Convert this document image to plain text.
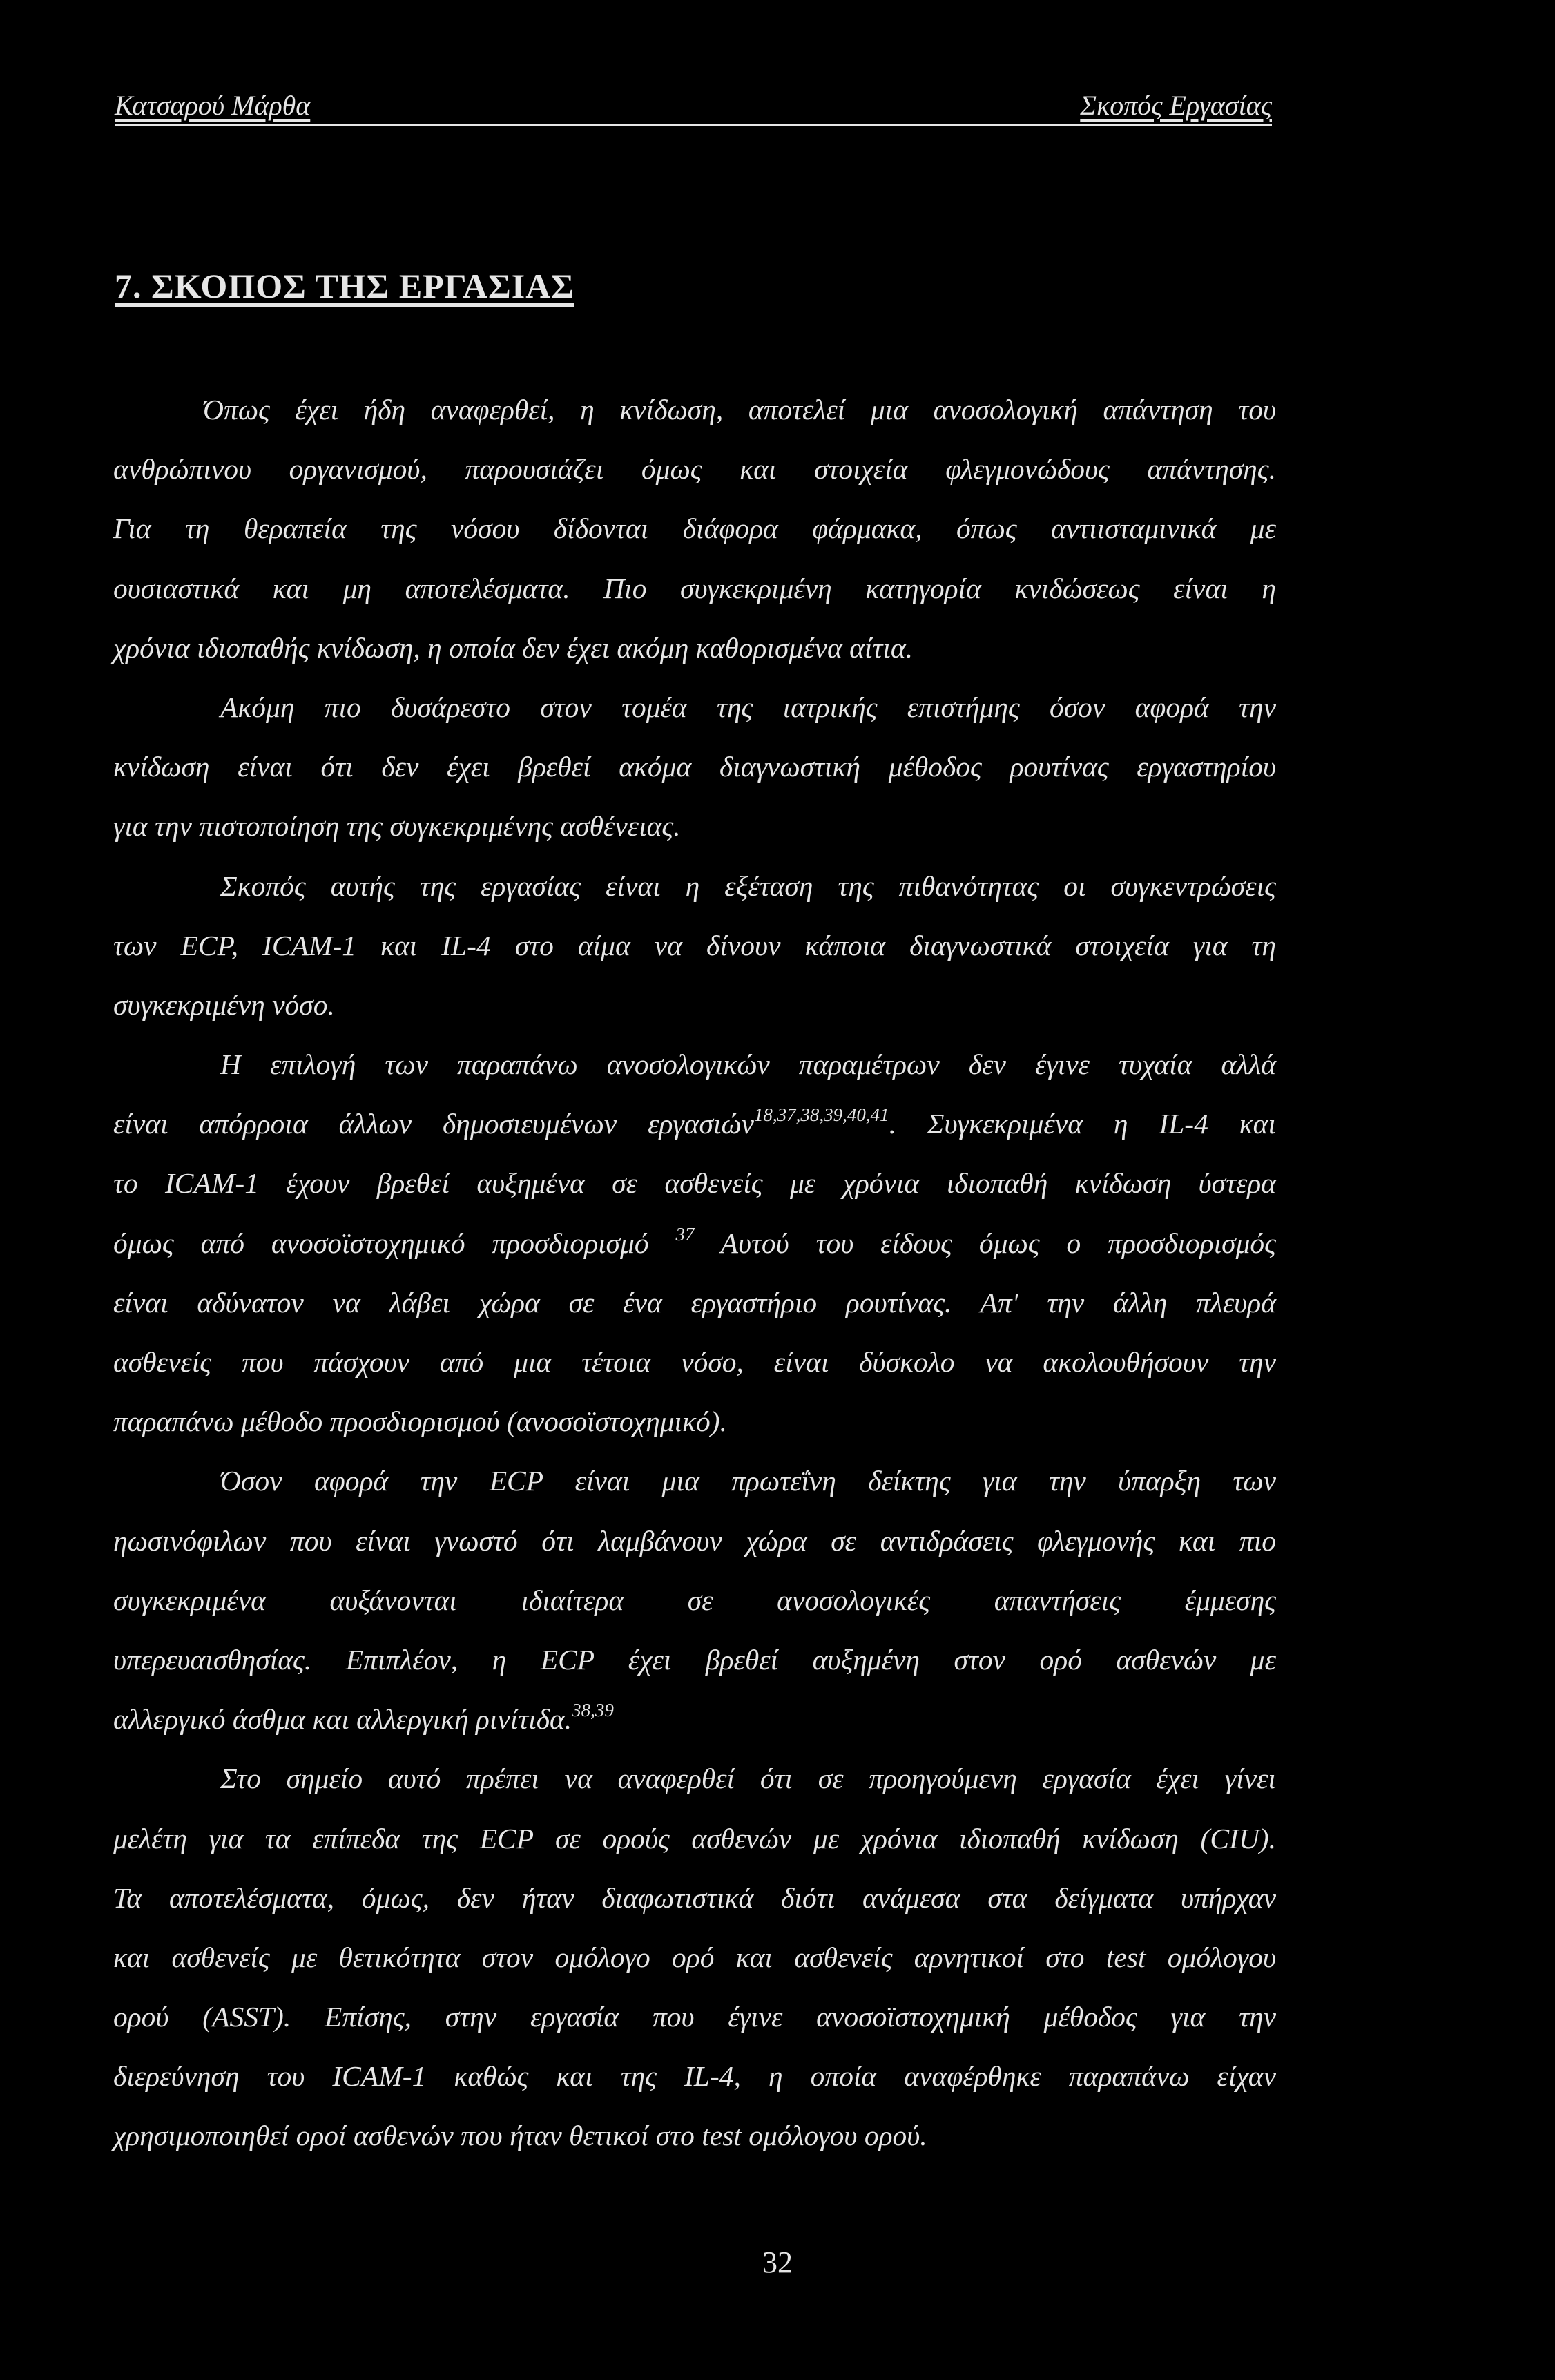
Κατσαρού Μάρθα	Σκοπός Εργασίας
7. ΣΚΟΠΟΣ ΤΗΣ ΕΡΓΑΣΙΑΣ
Όπως έχει ήδη αναφερθεί, η κνίδωση, αποτελεί μια ανοσολογική απάντηση του
ανθρώπινου οργανισμού, παρουσιάζει όμως και στοιχεία φλεγμονώδους απάντησης.
Για τη θεραπεία της νόσου δίδονται διάφορα φάρμακα, όπως αντιισταμινικά με
ουσιαστικά και μη αποτελέσματα. Πιο συγκεκριμένη κατηγορία κνιδώσεως είναι η
χρόνια ιδιοπαθής κνίδωση, η οποία δεν έχει ακόμη καθορισμένα αίτια.
Ακόμη πιο δυσάρεστο στον τομέα της ιατρικής επιστήμης όσον αφορά την
κνίδωση είναι ότι δεν έχει βρεθεί ακόμα διαγνωστική μέθοδος ρουτίνας εργαστηρίου
για την πιστοποίηση της συγκεκριμένης ασθένειας.
Σκοπός αυτής της εργασίας είναι η εξέταση της πιθανότητας οι συγκεντρώσεις
των ECP, ICAM-1 και IL-4 στο αίμα να δίνουν κάποια διαγνωστικά στοιχεία για τη
συγκεκριμένη νόσο.
Η επιλογή των παραπάνω ανοσολογικών παραμέτρων δεν έγινε τυχαία αλλά
είναι απόρροια άλλων δημοσιευμένων εργασιών$^{18,37,38,39,40,41}$. Συγκεκριμένα η IL-4 και
το ICAM-1 έχουν βρεθεί αυξημένα σε ασθενείς με χρόνια ιδιοπαθή κνίδωση ύστερα
όμως από ανοσοϊστοχημικό προσδιορισμό $^{37}$ Αυτού του είδους όμως ο προσδιορισμός
είναι αδύνατον να λάβει χώρα σε ένα εργαστήριο ρουτίνας. Απ' την άλλη πλευρά
ασθενείς που πάσχουν από μια τέτοια νόσο, είναι δύσκολο να ακολουθήσουν την
παραπάνω μέθοδο προσδιορισμού (ανοσοϊστοχημικό).
Όσον αφορά την ECP είναι μια πρωτεΐνη δείκτης για την ύπαρξη των
ηωσινόφιλων που είναι γνωστό ότι λαμβάνουν χώρα σε αντιδράσεις φλεγμονής και πιο
συγκεκριμένα αυξάνονται ιδιαίτερα σε ανοσολογικές απαντήσεις έμμεσης
υπερευαισθησίας. Επιπλέον, η ECP έχει βρεθεί αυξημένη στον ορό ασθενών με
αλλεργικό άσθμα και αλλεργική ρινίτιδα.$^{38,39}$
Στο σημείο αυτό πρέπει να αναφερθεί ότι σε προηγούμενη εργασία έχει γίνει
μελέτη για τα επίπεδα της ECP σε ορούς ασθενών με χρόνια ιδιοπαθή κνίδωση (CIU).
Τα αποτελέσματα, όμως, δεν ήταν διαφωτιστικά διότι ανάμεσα στα δείγματα υπήρχαν
και ασθενείς με θετικότητα στον ομόλογο ορό και ασθενείς αρνητικοί στο test ομόλογου
ορού (ASST). Επίσης, στην εργασία που έγινε ανοσοϊστοχημική μέθοδος για την
διερεύνηση του ICAM-1 καθώς και της IL-4, η οποία αναφέρθηκε παραπάνω είχαν
χρησιμοποιηθεί οροί ασθενών που ήταν θετικοί στο test ομόλογου ορού.
32
